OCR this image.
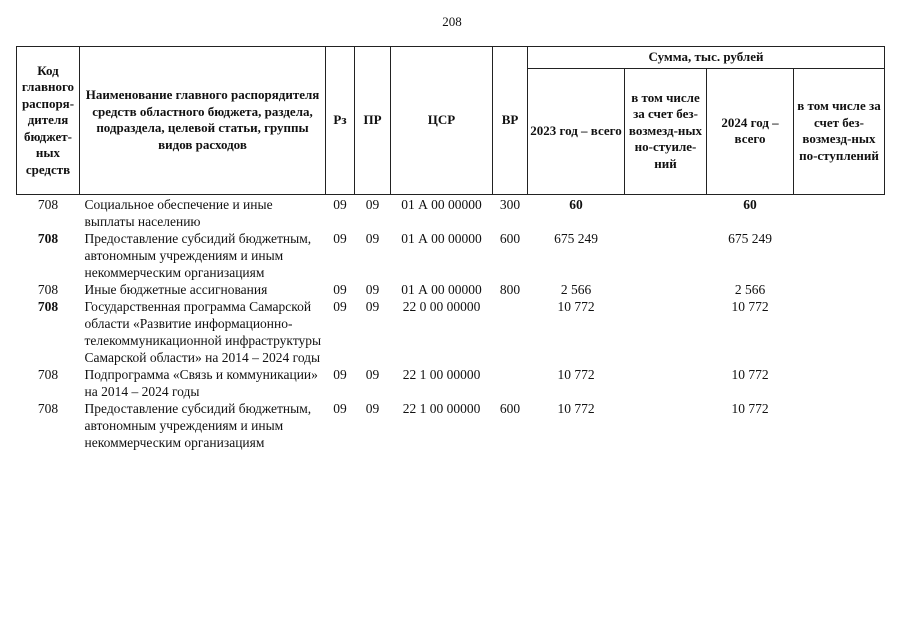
208
Код главного распоря-дителя бюджет-ных средств	Наименование главного распорядителя средств областного бюджета, раздела, подраздела, целевой статьи, группы видов расходов	Рз	ПР	ЦСР	ВР	Сумма, тыс. рублей			
						2023 год – всего	в том числе за счет без-возмезд-ных но-стуиле-ний	2024 год – всего	в том числе за счет без-возмезд-ных по-ступлений
708	Социальное обеспечение и иные выплаты населению	09	09	01 А 00 00000	300	60		60	
708	Предоставление субсидий бюджетным, автономным учреждениям и иным некоммерческим организациям	09	09	01 А 00 00000	600	675 249		675 249	
708	Иные бюджетные ассигнования	09	09	01 А 00 00000	800	2 566		2 566	
708	Государственная программа Самарской области «Развитие информационно-телекоммуникационной инфраструктуры Самарской области» на 2014 – 2024 годы	09	09	22 0 00 00000		10 772		10 772	
708	Подпрограмма «Связь и коммуникации» на 2014 – 2024 годы	09	09	22 1 00 00000		10 772		10 772	
708	Предоставление субсидий бюджетным, автономным учреждениям и иным некоммерческим организациям	09	09	22 1 00 00000	600	10 772		10 772	
